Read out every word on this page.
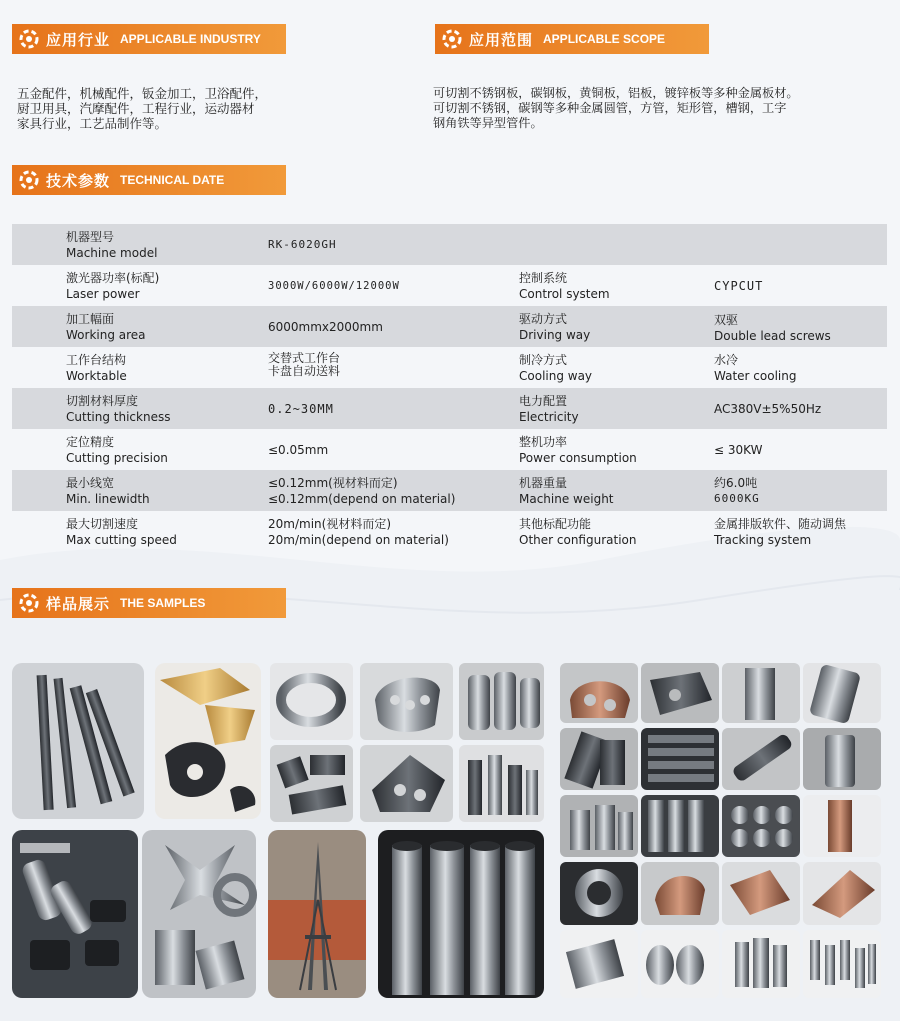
应用行业 APPLICABLE INDUSTRY
五金配件，机械配件，钣金加工，卫浴配件，
厨卫用具，汽摩配件，工程行业，运动器材
家具行业，工艺品制作等。
应用范围 APPLICABLE SCOPE
可切割不锈钢板，碳钢板，黄铜板，铝板，镀锌板等多种金属板材。
可切割不锈钢，碳钢等多种金属圆管，方管，矩形管，槽钢，工字
钢角铁等异型管件。
技术参数 TECHNICAL DATE
机器型号
Machine model
RK-6020GH
激光器功率(标配)
Laser power
3000W/6000W/12000W
控制系统
Control system
CYPCUT
加工幅面
Working area
6000mmx2000mm
驱动方式
Driving way
双驱
Double lead screws
工作台结构
Worktable
交替式工作台
卡盘自动送料
制冷方式
Cooling way
水冷
Water cooling
切割材料厚度
Cutting thickness
0.2~30MM
电力配置
Electricity
AC380V±5%50Hz
定位精度
Cutting precision
≤0.05mm
整机功率
Power consumption
≤ 30KW
最小线宽
Min. linewidth
≤0.12mm(视材料而定)
≤0.12mm(depend on material)
机器重量
Machine weight
约6.0吨
6000KG
最大切割速度
Max cutting speed
20m/min(视材料而定)
20m/min(depend on material)
其他标配功能
Other configuration
金属排版软件、随动调焦
Tracking system
样品展示 THE SAMPLES
